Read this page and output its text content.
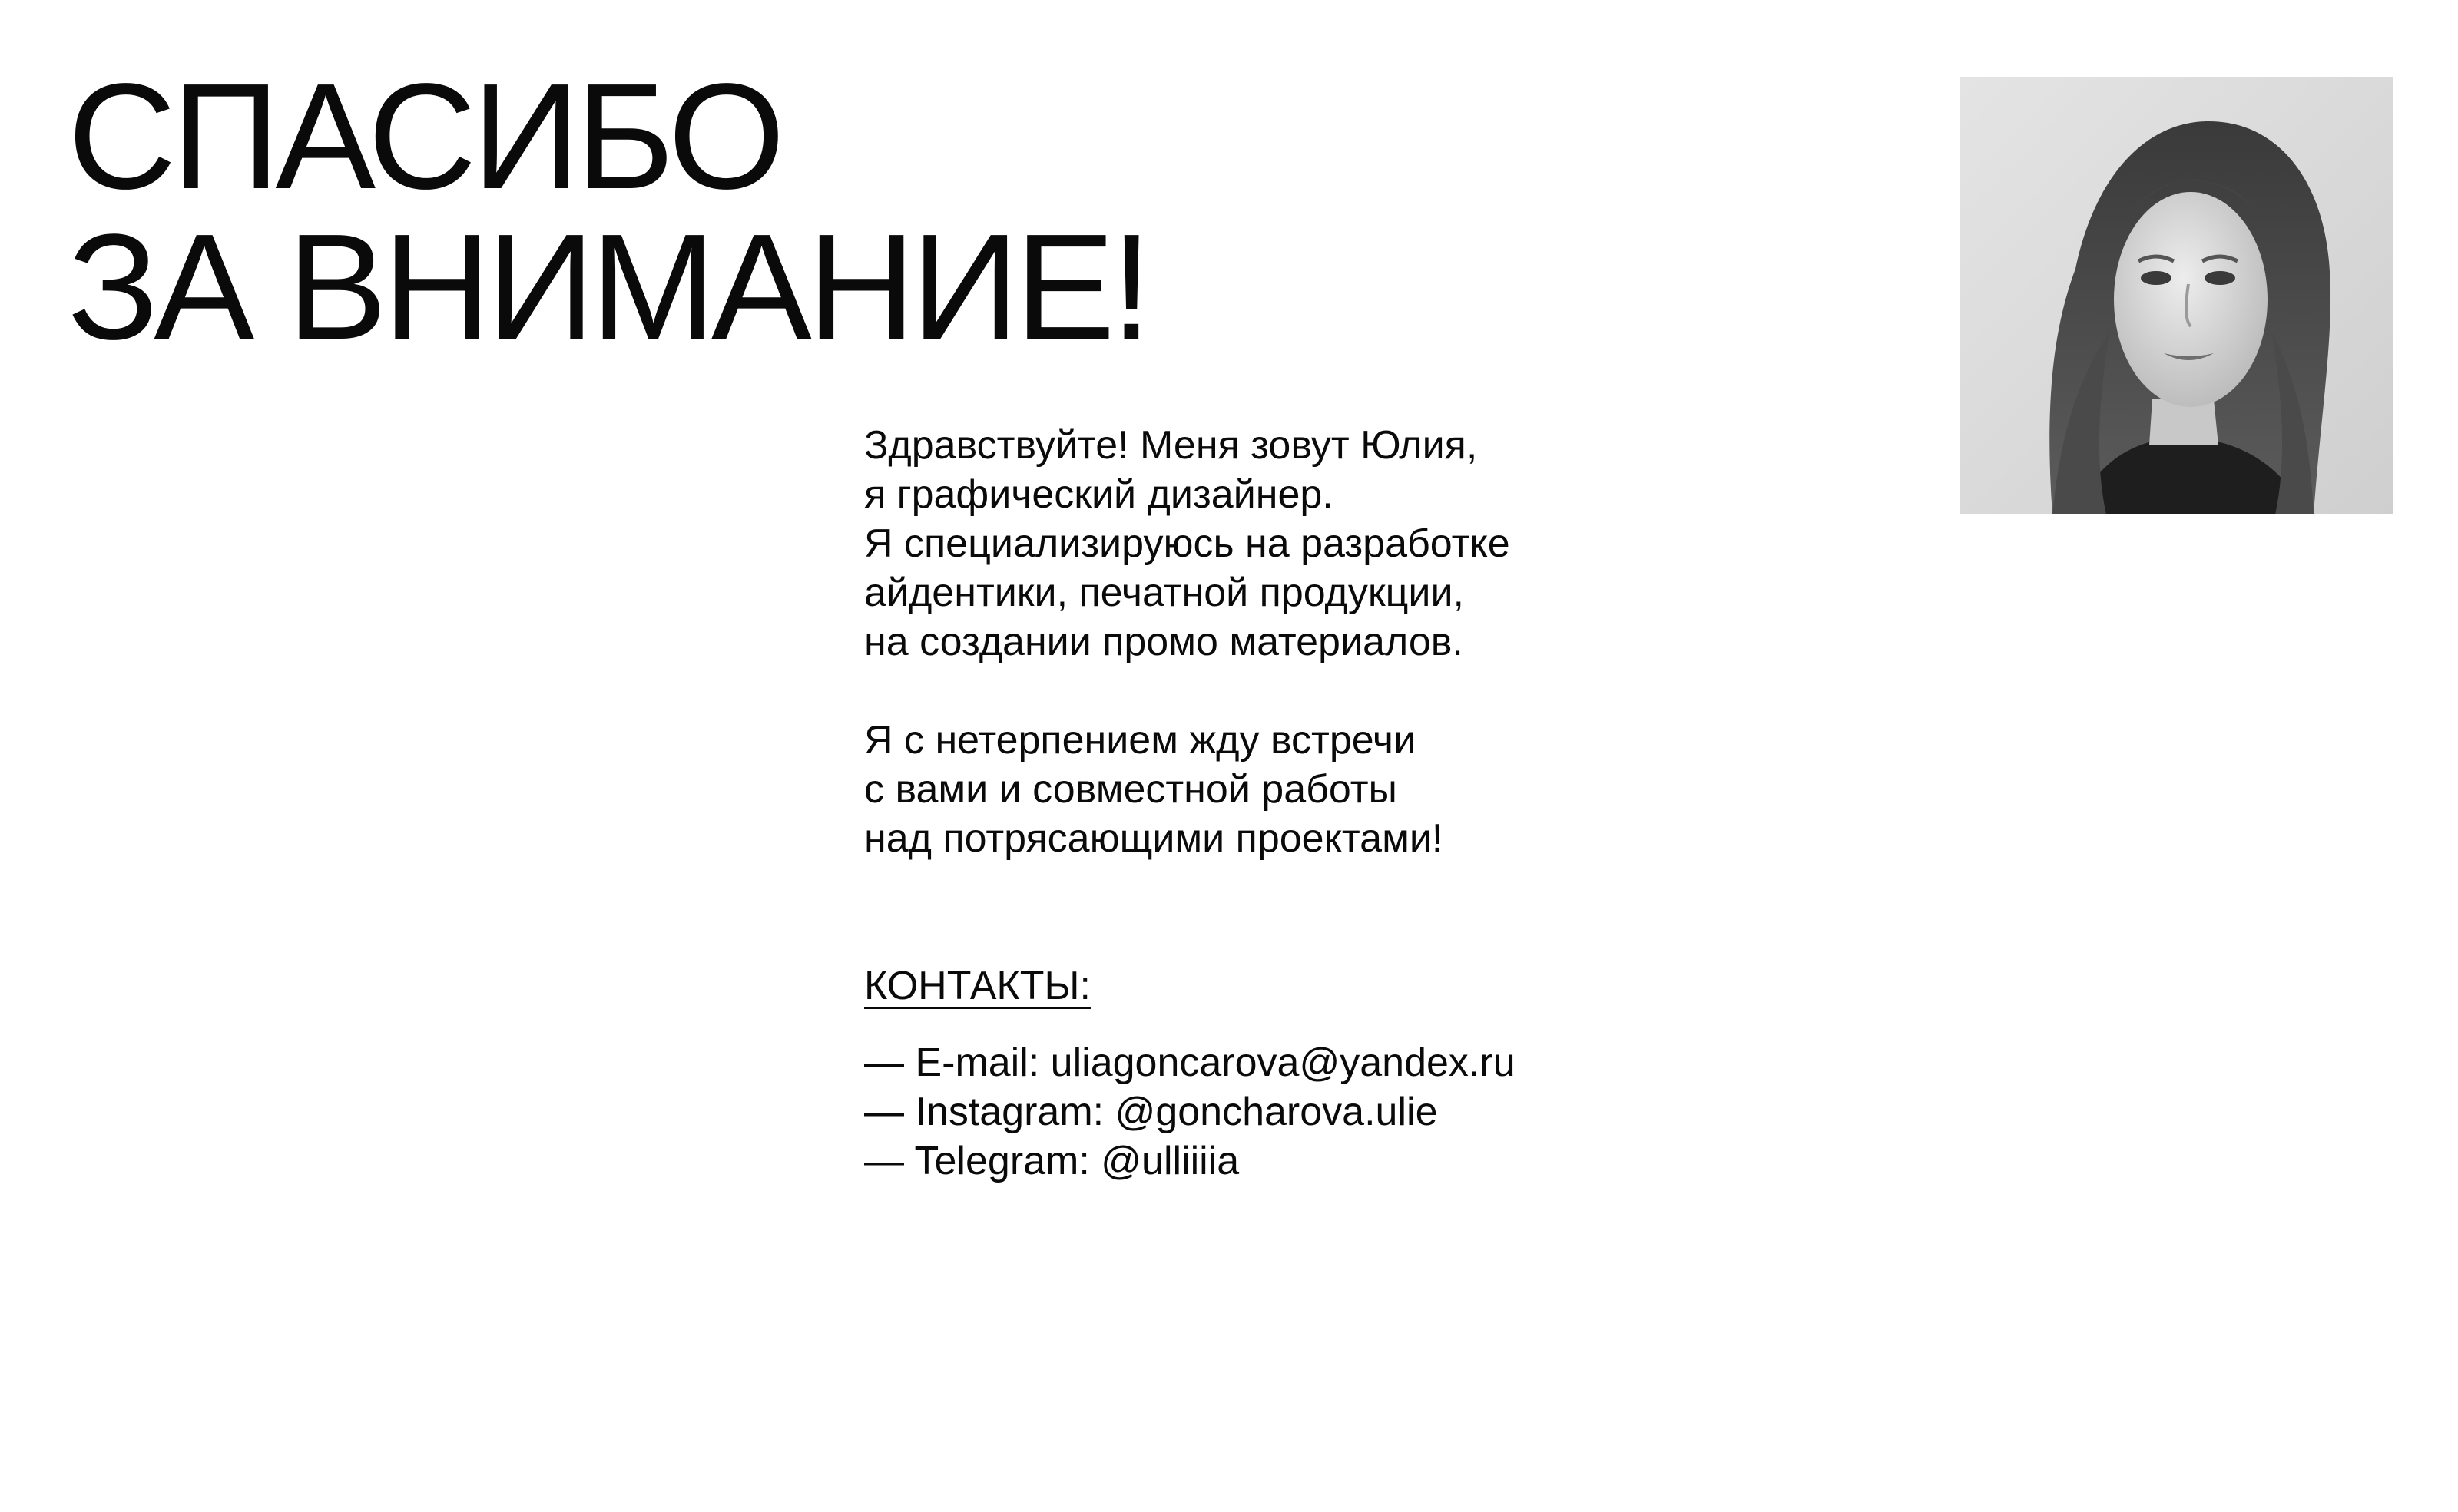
СПАСИБО
ЗА ВНИМАНИЕ!

Здравствуйте! Меня зовут Юлия,
я графический дизайнер.
Я специализируюсь на разработке
айдентики, печатной продукции,
на создании промо материалов.

Я с нетерпением жду встречи
с вами и совместной работы
над потрясающими проектами!

КОНТАКТЫ:
— E-mail: uliagoncarova@yandex.ru
— Instagram: @goncharova.ulie
— Telegram: @ulliiiia
